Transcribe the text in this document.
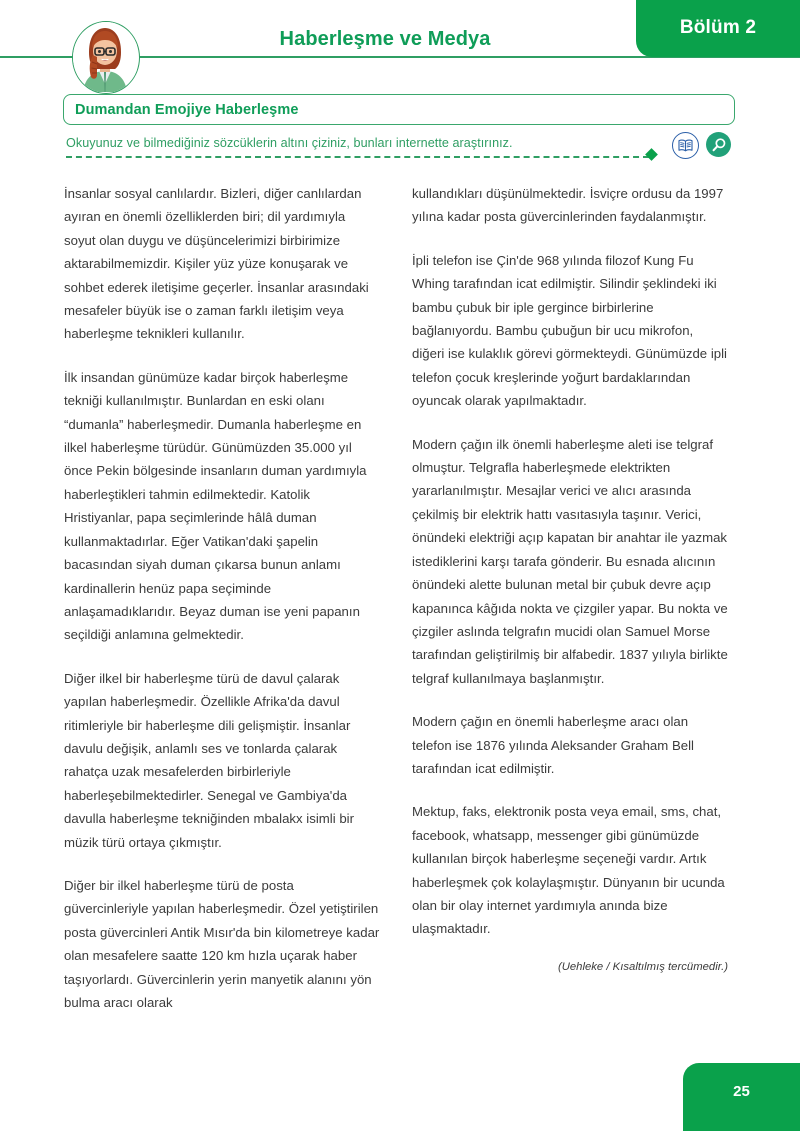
Bölüm 2
Haberleşme ve Medya
Dumandan Emojiye Haberleşme
Okuyunuz ve bilmediğiniz sözcüklerin altını çiziniz, bunları internette araştırınız.

İnsanlar sosyal canlılardır. Bizleri, diğer canlılardan ayıran en önemli özelliklerden biri; dil yardımıyla soyut olan duygu ve düşüncelerimizi birbirimize aktarabilmemizdir. Kişiler yüz yüze konuşarak ve sohbet ederek iletişime geçerler. İnsanlar arasındaki mesafeler büyük ise o zaman farklı iletişim veya haberleşme teknikleri kullanılır.

İlk insandan günümüze kadar birçok haberleşme tekniği kullanılmıştır. Bunlardan en eski olanı “dumanla” haberleşmedir. Dumanla haberleşme en ilkel haberleşme türüdür. Günümüzden 35.000 yıl önce Pekin bölgesinde insanların duman yardımıyla haberleştikleri tahmin edilmektedir. Katolik Hristiyanlar, papa seçimlerinde hâlâ duman kullanmaktadırlar. Eğer Vatikan'daki şapelin bacasından siyah duman çıkarsa bunun anlamı kardinallerin henüz papa seçiminde anlaşamadıklarıdır. Beyaz duman ise yeni papanın seçildiği anlamına gelmektedir.

Diğer ilkel bir haberleşme türü de davul çalarak yapılan haberleşmedir. Özellikle Afrika'da davul ritimleriyle bir haberleşme dili gelişmiştir. İnsanlar davulu değişik, anlamlı ses ve tonlarda çalarak rahatça uzak mesafelerden birbirleriyle haberleşebilmektedirler. Senegal ve Gambiya'da davulla haberleşme tekniğinden mbalakx isimli bir müzik türü ortaya çıkmıştır.

Diğer bir ilkel haberleşme türü de posta güvercinleriyle yapılan haberleşmedir. Özel yetiştirilen posta güvercinleri Antik Mısır'da bin kilometreye kadar olan mesafelere saatte 120 km hızla uçarak haber taşıyorlardı. Güvercinlerin yerin manyetik alanını yön bulma aracı olarak

kullandıkları düşünülmektedir. İsviçre ordusu da 1997 yılına kadar posta güvercinlerinden faydalanmıştır.

İpli telefon ise Çin'de 968 yılında filozof Kung Fu Whing tarafından icat edilmiştir. Silindir şeklindeki iki bambu çubuk bir iple gergince birbirlerine bağlanıyordu. Bambu çubuğun bir ucu mikrofon, diğeri ise kulaklık görevi görmekteydi. Günümüzde ipli telefon çocuk kreşlerinde yoğurt bardaklarından oyuncak olarak yapılmaktadır.

Modern çağın ilk önemli haberleşme aleti ise telgraf olmuştur. Telgrafla haberleşmede elektrikten yararlanılmıştır. Mesajlar verici ve alıcı arasında çekilmiş bir elektrik hattı vasıtasıyla taşınır. Verici, önündeki elektriği açıp kapatan bir anahtar ile yazmak istediklerini karşı tarafa gönderir. Bu esnada alıcının önündeki alette bulunan metal bir çubuk devre açıp kapanınca kâğıda nokta ve çizgiler yapar. Bu nokta ve çizgiler aslında telgrafın mucidi olan Samuel Morse tarafından geliştirilmiş bir alfabedir. 1837 yılıyla birlikte telgraf kullanılmaya başlanmıştır.

Modern çağın en önemli haberleşme aracı olan telefon ise 1876 yılında Aleksander Graham Bell tarafından icat edilmiştir.

Mektup, faks, elektronik posta veya email, sms, chat, facebook, whatsapp, messenger gibi günümüzde kullanılan birçok haberleşme seçeneği vardır. Artık haberleşmek çok kolaylaşmıştır. Dünyanın bir ucunda olan bir olay internet yardımıyla anında bize ulaşmaktadır.

(Uehleke / Kısaltılmış tercümedir.)
25
